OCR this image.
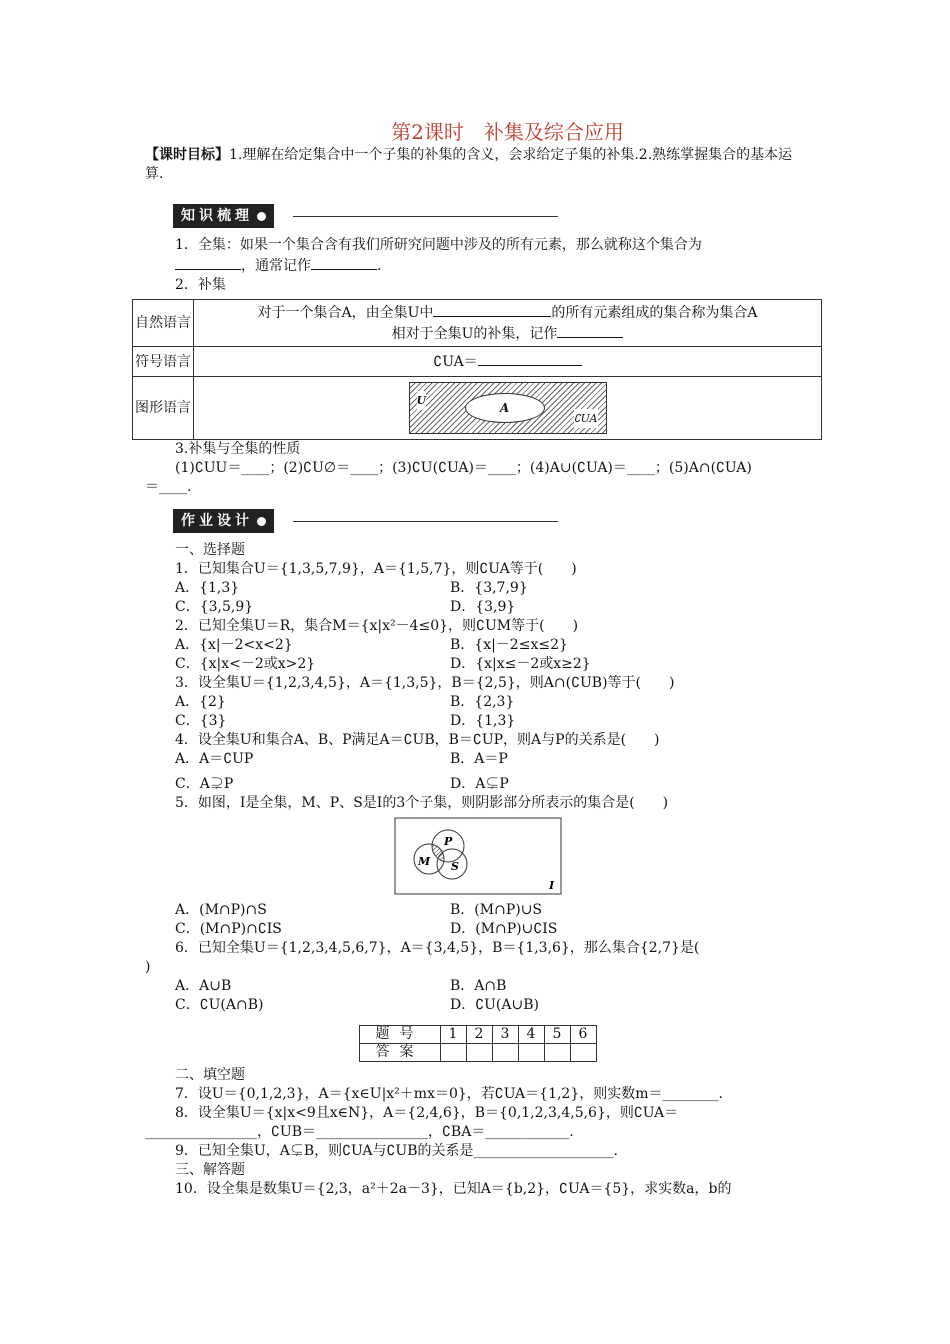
第2课时　补集及综合应用
【课时目标】1.理解在给定集合中一个子集的补集的含义，会求给定子集的补集.2.熟练掌握集合的基本运算.
知识梳理
1．全集：如果一个集合含有我们所研究问题中涉及的所有元素，那么就称这个集合为
，通常记作	.
2．补集
自然语言	对于一个集合A，由全集U中 的所有元素组成的集合称为集合A
相对于全集U的补集，记作
符号语言	∁UA＝
图形语言	U
A
∁UA
3.补集与全集的性质
(1)∁UU＝____；(2)∁U∅＝____；(3)∁U(∁UA)＝____；(4)A∪(∁UA)＝____；(5)A∩(∁UA)
＝____.
作业设计
一、选择题
1．已知集合U＝{1,3,5,7,9}，A＝{1,5,7}，则∁UA等于(　　)
A．{1,3}	B．{3,7,9}
C．{3,5,9}	D．{3,9}
2．已知全集U＝R，集合M＝{x|x²－4≤0}，则∁UM等于(　　)
A．{x|－2<x<2}	B．{x|－2≤x≤2}
C．{x|x<－2或x>2}	D．{x|x≤－2或x≥2}
3．设全集U＝{1,2,3,4,5}，A＝{1,3,5}，B＝{2,5}，则A∩(∁UB)等于(　　)
A．{2}	B．{2,3}
C．{3}	D．{1,3}
4．设全集U和集合A、B、P满足A＝∁UB，B＝∁UP，则A与P的关系是(　　)
A．A＝∁UP	B．A＝P
C．A⊋P	D．A⊊P
5．如图，I是全集，M、P、S是I的3个子集，则阴影部分所表示的集合是(　　)
P
M S
I
A．(M∩P)∩S	B．(M∩P)∪S
C．(M∩P)∩∁IS	D．(M∩P)∪∁IS
6．已知全集U＝{1,2,3,4,5,6,7}，A＝{3,4,5}，B＝{1,3,6}，那么集合{2,7}是(
)
A．A∪B	B．A∩B
C．∁U(A∩B)	D．∁U(A∪B)
题号	1	2	3	4	5	6
答案						
二、填空题
7．设U＝{0,1,2,3}，A＝{x∈U|x²＋mx＝0}，若∁UA＝{1,2}，则实数m＝________.
8．设全集U＝{x|x<9且x∈N}，A＝{2,4,6}，B＝{0,1,2,3,4,5,6}，则∁UA＝
________________，∁UB＝________________，∁BA＝____________.
9．已知全集U，A⊊B，则∁UA与∁UB的关系是____________________.
三、解答题
10．设全集是数集U＝{2,3，a²＋2a－3}，已知A＝{b,2}，∁UA＝{5}，求实数a，b的
